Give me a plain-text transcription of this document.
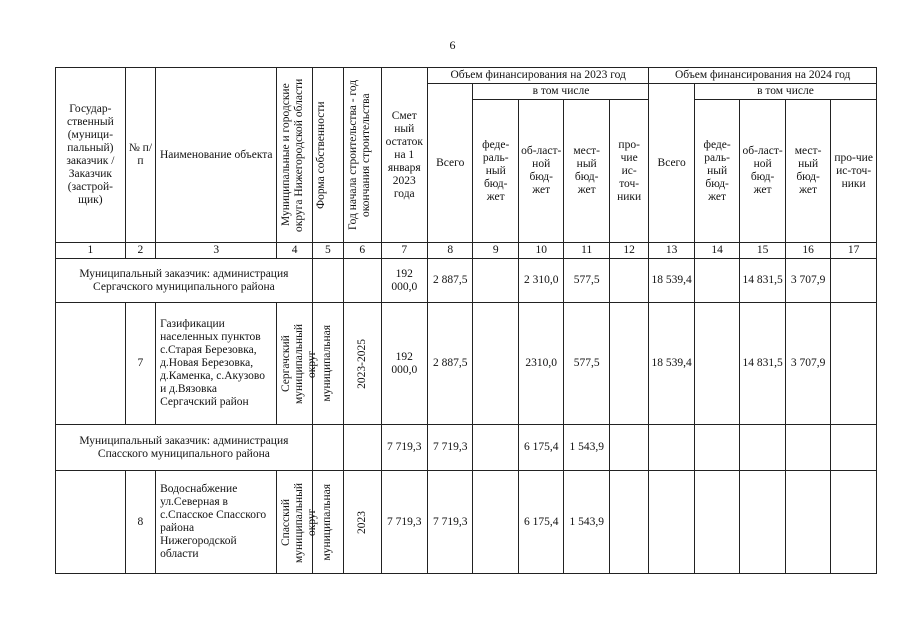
6
Государ-ственный (муници-пальный) заказчик / Заказчик (застрой-щик)	№ п/п	Наименование объекта	Муниципальные и городские округа Нижегородской области	Форма собственности	Год начала строительства - год окончания строительства	Смет ный остаток на 1 января 2023 года	Объем финансирования на 2023 год					Объем финансирования на 2024 год				
							Всего	в том числе				Всего	в том числе			
								феде-раль-ный бюд-жет	об-ласт-ной бюд-жет	мест-ный бюд-жет	про-чие ис-точ-ники		феде-раль-ный бюд-жет	об-ласт-ной бюд-жет	мест-ный бюд-жет	про-чие ис-точ-ники
1	2	3	4	5	6	7	8	9	10	11	12	13	14	15	16	17
Муниципальный заказчик: администрация Сергачского муниципального района						192 000,0	2 887,5		2 310,0	577,5		18 539,4		14 831,5	3 707,9	
	7	Газификации населенных пунктов с.Старая Березовка, д.Новая Березовка, д.Каменка, с.Акузово и д.Вязовка Сергачский район	Сергачский муниципальный округ	муниципальная	2023-2025	192 000,0	2 887,5		2310,0	577,5		18 539,4		14 831,5	3 707,9	
Муниципальный заказчик: администрация Спасского муниципального района						7 719,3	7 719,3		6 175,4	1 543,9						
	8	Водоснабжение ул.Северная в с.Спасское Спасского района Нижегородской области	Спасский муниципальный округ	муниципальная	2023	7 719,3	7 719,3		6 175,4	1 543,9						
